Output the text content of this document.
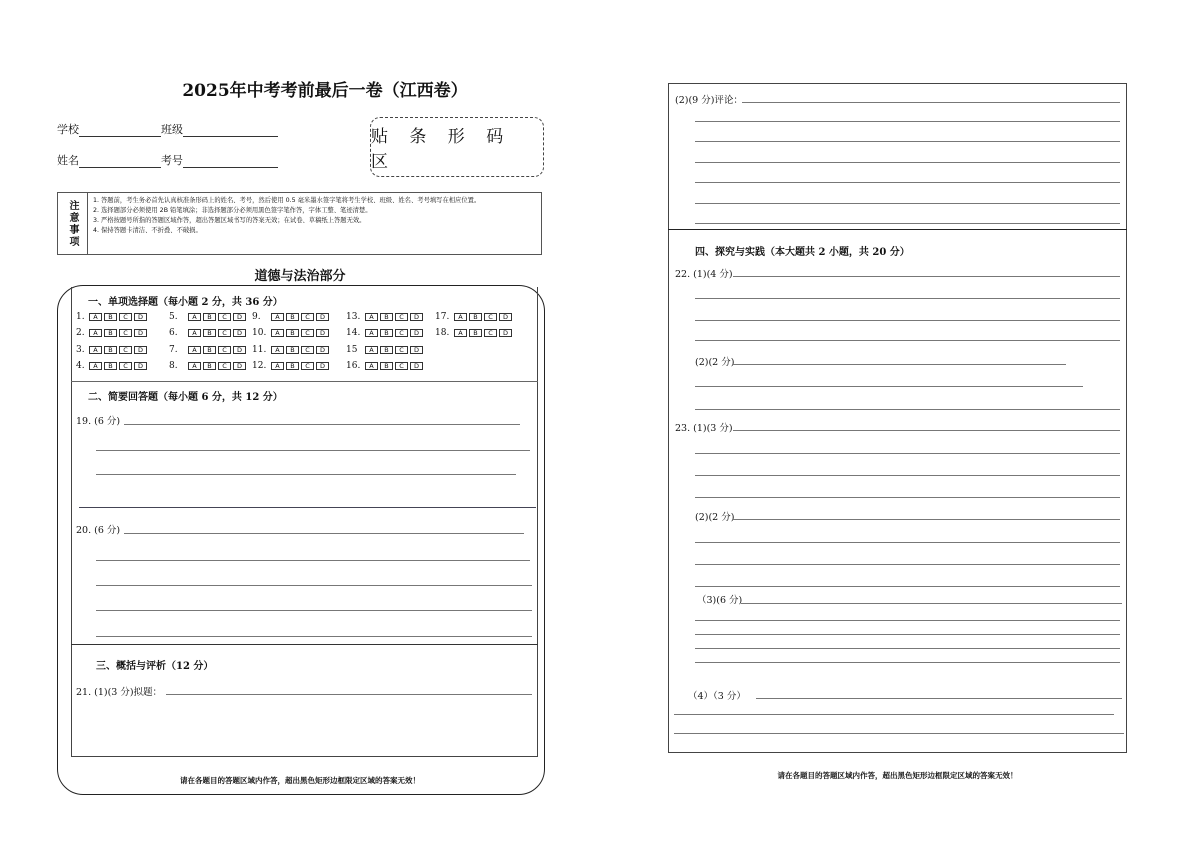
2025年中考考前最后一卷（江西卷）
学校	班级
姓名	考号
贴 条 形 码 区
注意事项	1. 答题前，考生务必首先认真核准条形码上的姓名、考号，然后使用 0.5 毫米墨水签字笔将考生学校、班级、姓名、考号填写在相应位置。
2. 选择题部分必须使用 2B 铅笔填涂；非选择题部分必须用黑色签字笔作答，字体工整、笔迹清楚。
3. 严格按题号所指的答题区域作答，超出答题区域书写的答案无效；在试卷、草稿纸上答题无效。
4. 保持答题卡清洁、不折叠、不破损。
道德与法治部分
一、单项选择题（每小题 2 分，共 36 分）
1.	A	B	C	D
2.	A	B	C	D
3.	A	B	C	D
4.	A	B	C	D
5.	A	B	C	D
6.	A	B	C	D
7.	A	B	C	D
8.	A	B	C	D
9.	A	B	C	D
10.	A	B	C	D
11.	A	B	C	D
12.	A	B	C	D
13.	A	B	C	D
14.	A	B	C	D
15	A	B	C	D
16.	A	B	C	D
17.	A	B	C	D
18.	A	B	C	D
二、简要回答题（每小题 6 分，共 12 分）
19. (6 分)
20. (6 分)
三、概括与评析（12 分）
21. (1)(3 分)拟题：
请在各题目的答题区域内作答，超出黑色矩形边框限定区域的答案无效！
(2)(9 分)评论：
四、探究与实践（本大题共 2 小题，共 20 分）
22. (1)(4 分)
(2)(2 分)
23. (1)(3 分)
(2)(2 分)
（3)(6 分)
（4）（3 分）
请在各题目的答题区域内作答，超出黑色矩形边框限定区域的答案无效！
